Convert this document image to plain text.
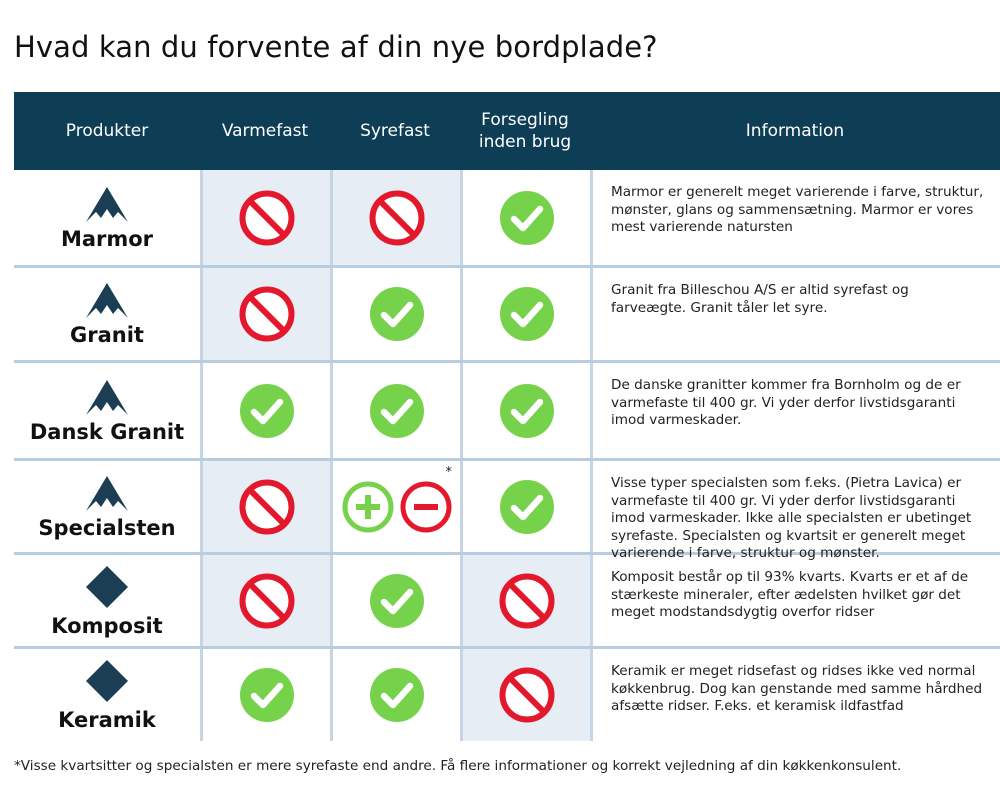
Hvad kan du forvente af din nye bordplade?
Produkter	Varmefast	Syrefast
Forsegling inden brug
Information
Marmor
Marmor er generelt meget varierende i farve, struktur, mønster, glans og sammensætning. Marmor er vores mest varierende natursten
Granit
Granit fra Billeschou A/S er altid syrefast og farveægte. Granit tåler let syre.
Dansk Granit
De danske granitter kommer fra Bornholm og de er varmefaste til 400 gr. Vi yder derfor livstidsgaranti imod varmeskader.
Specialsten
*
Visse typer specialsten som f.eks. (Pietra Lavica) er varmefaste til 400 gr. Vi yder derfor livstidsgaranti imod varmeskader. Ikke alle specialsten er ubetinget syrefaste. Specialsten og kvartsit er generelt meget varierende i farve, struktur og mønster.
Komposit
Komposit består op til 93% kvarts. Kvarts er et af de stærkeste mineraler, efter ædelsten hvilket gør det meget modstandsdygtig overfor ridser
Keramik
Keramik er meget ridsefast og ridses ikke ved normal køkkenbrug. Dog kan genstande med samme hårdhed afsætte ridser. F.eks. et keramisk ildfastfad
*Visse kvartsitter og specialsten er mere syrefaste end andre. Få flere informationer og korrekt vejledning af din køkkenkonsulent.
